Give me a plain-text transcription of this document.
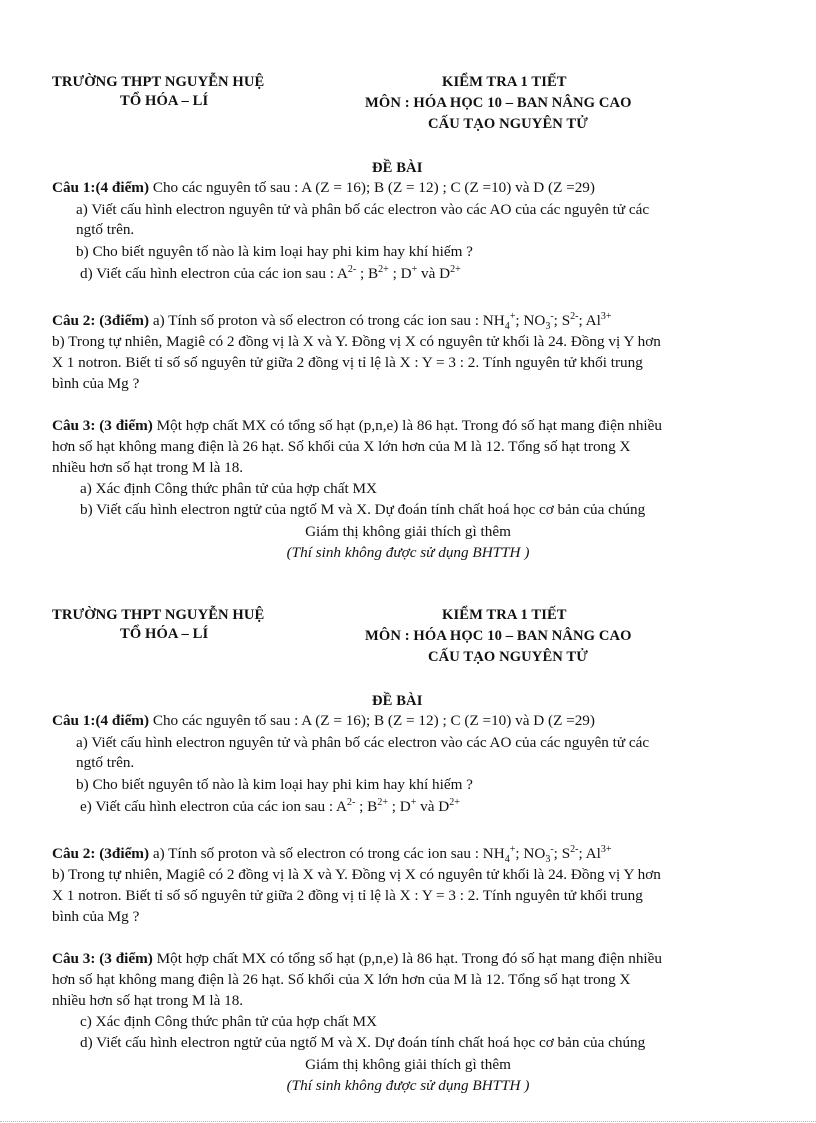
TRƯỜNG THPT NGUYỄN HUỆ
TỔ HÓA – LÍ
KIỂM TRA 1 TIẾT
MÔN : HÓA HỌC 10 – BAN NÂNG CAO
CẤU TẠO NGUYÊN TỬ
ĐỀ BÀI
Câu 1:(4 điểm) Cho các nguyên tố sau : A (Z = 16); B (Z = 12) ; C (Z =10) và D (Z =29)
a) Viết cấu hình electron nguyên tử và phân bố các electron vào các AO của các nguyên tử các
ngtố trên.
b) Cho biết nguyên tố nào là kim loại hay phi kim hay khí hiếm ?
d) Viết cấu hình electron của các ion sau : $A^{2-}$ ; $B^{2+}$ ; D+ và $D^{2+}$
Câu 2: (3điểm) a) Tính số proton và số electron có trong các ion sau : $NH_4^+$; $NO_3^-$; $S^{2-}$; $Al^{3+}$
b) Trong tự nhiên, Magiê có 2 đồng vị là X và Y. Đồng vị X có nguyên tử khối là 24. Đồng vị Y hơn
X 1 notron. Biết tỉ số số nguyên tử giữa 2 đồng vị tỉ lệ là X : Y = 3 : 2. Tính nguyên tử khối trung
bình của Mg ?
Câu 3: (3 điểm) Một hợp chất MX có tổng số hạt (p,n,e) là 86 hạt. Trong đó số hạt mang điện nhiều
hơn số hạt không mang điện là 26 hạt. Số khối của X lớn hơn của M là 12. Tổng số hạt trong X
nhiều hơn số hạt trong M là 18.
a) Xác định Công thức phân tử của hợp chất MX
b) Viết cấu hình electron ngtử của ngtố M và X. Dự đoán tính chất hoá học cơ bản của chúng
Giám thị không giải thích gì thêm
(Thí sinh không được sử dụng BHTTH )
TRƯỜNG THPT NGUYỄN HUỆ
TỔ HÓA – LÍ
KIỂM TRA 1 TIẾT
MÔN : HÓA HỌC 10 – BAN NÂNG CAO
CẤU TẠO NGUYÊN TỬ
ĐỀ BÀI
Câu 1:(4 điểm) Cho các nguyên tố sau : A (Z = 16); B (Z = 12) ; C (Z =10) và D (Z =29)
a) Viết cấu hình electron nguyên tử và phân bố các electron vào các AO của các nguyên tử các
ngtố trên.
b) Cho biết nguyên tố nào là kim loại hay phi kim hay khí hiếm ?
e) Viết cấu hình electron của các ion sau : $A^{2-}$ ; $B^{2+}$ ; D+ và $D^{2+}$
Câu 2: (3điểm) a) Tính số proton và số electron có trong các ion sau : $NH_4^+$; $NO_3^-$; $S^{2-}$; $Al^{3+}$
b) Trong tự nhiên, Magiê có 2 đồng vị là X và Y. Đồng vị X có nguyên tử khối là 24. Đồng vị Y hơn
X 1 notron. Biết tỉ số số nguyên tử giữa 2 đồng vị tỉ lệ là X : Y = 3 : 2. Tính nguyên tử khối trung
bình của Mg ?
Câu 3: (3 điểm) Một hợp chất MX có tổng số hạt (p,n,e) là 86 hạt. Trong đó số hạt mang điện nhiều
hơn số hạt không mang điện là 26 hạt. Số khối của X lớn hơn của M là 12. Tổng số hạt trong X
nhiều hơn số hạt trong M là 18.
c) Xác định Công thức phân tử của hợp chất MX
d) Viết cấu hình electron ngtử của ngtố M và X. Dự đoán tính chất hoá học cơ bản của chúng
Giám thị không giải thích gì thêm
(Thí sinh không được sử dụng BHTTH )
